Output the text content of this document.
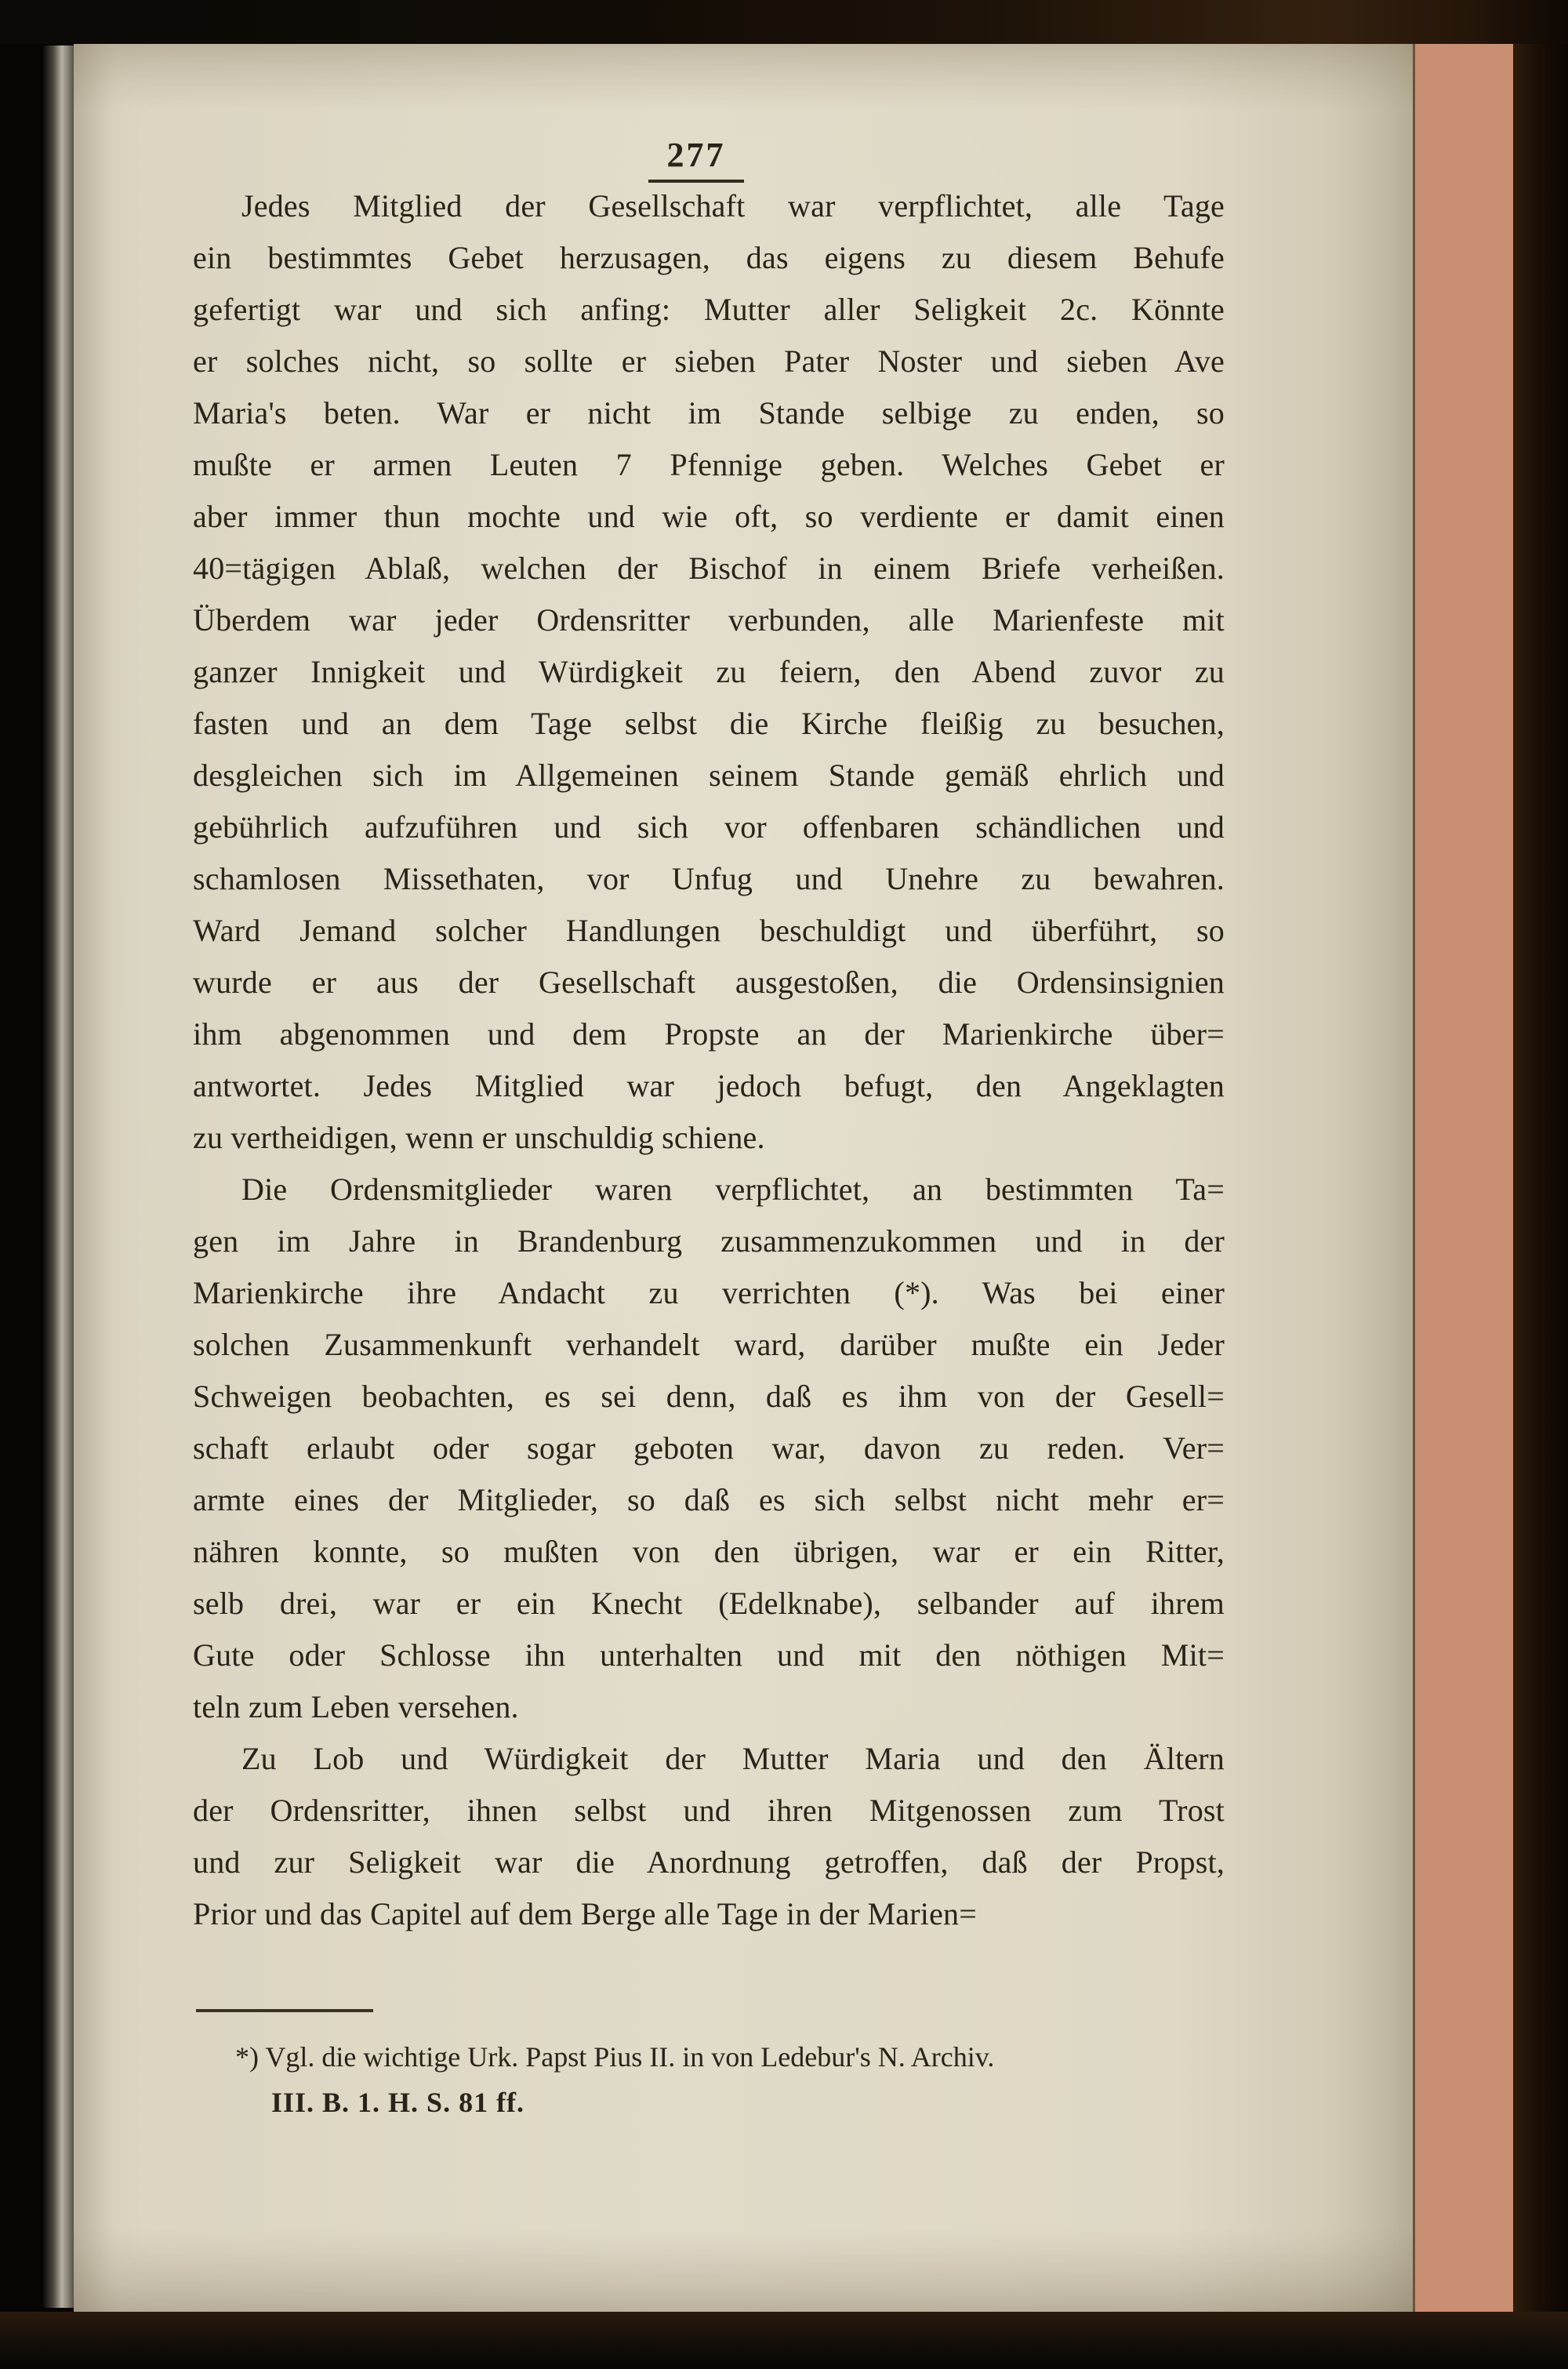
277
Jedes Mitglied der Gesellschaft war verpflichtet, alle Tage
ein bestimmtes Gebet herzusagen, das eigens zu diesem Behufe
gefertigt war und sich anfing: Mutter aller Seligkeit 2c. Könnte
er solches nicht, so sollte er sieben Pater Noster und sieben Ave
Maria's beten. War er nicht im Stande selbige zu enden, so
mußte er armen Leuten 7 Pfennige geben. Welches Gebet er
aber immer thun mochte und wie oft, so verdiente er damit einen
40=tägigen Ablaß, welchen der Bischof in einem Briefe verheißen.
Überdem war jeder Ordensritter verbunden, alle Marienfeste mit
ganzer Innigkeit und Würdigkeit zu feiern, den Abend zuvor zu
fasten und an dem Tage selbst die Kirche fleißig zu besuchen,
desgleichen sich im Allgemeinen seinem Stande gemäß ehrlich und
gebührlich aufzuführen und sich vor offenbaren schändlichen und
schamlosen Missethaten, vor Unfug und Unehre zu bewahren.
Ward Jemand solcher Handlungen beschuldigt und überführt, so
wurde er aus der Gesellschaft ausgestoßen, die Ordensinsignien
ihm abgenommen und dem Propste an der Marienkirche über=
antwortet. Jedes Mitglied war jedoch befugt, den Angeklagten
zu vertheidigen, wenn er unschuldig schiene.
Die Ordensmitglieder waren verpflichtet, an bestimmten Ta=
gen im Jahre in Brandenburg zusammenzukommen und in der
Marienkirche ihre Andacht zu verrichten (*). Was bei einer
solchen Zusammenkunft verhandelt ward, darüber mußte ein Jeder
Schweigen beobachten, es sei denn, daß es ihm von der Gesell=
schaft erlaubt oder sogar geboten war, davon zu reden. Ver=
armte eines der Mitglieder, so daß es sich selbst nicht mehr er=
nähren konnte, so mußten von den übrigen, war er ein Ritter,
selb drei, war er ein Knecht (Edelknabe), selbander auf ihrem
Gute oder Schlosse ihn unterhalten und mit den nöthigen Mit=
teln zum Leben versehen.
Zu Lob und Würdigkeit der Mutter Maria und den Ältern
der Ordensritter, ihnen selbst und ihren Mitgenossen zum Trost
und zur Seligkeit war die Anordnung getroffen, daß der Propst,
Prior und das Capitel auf dem Berge alle Tage in der Marien=
*) Vgl. die wichtige Urk. Papst Pius II. in von Ledebur's N. Archiv.
III. B. 1. H. S. 81 ff.
